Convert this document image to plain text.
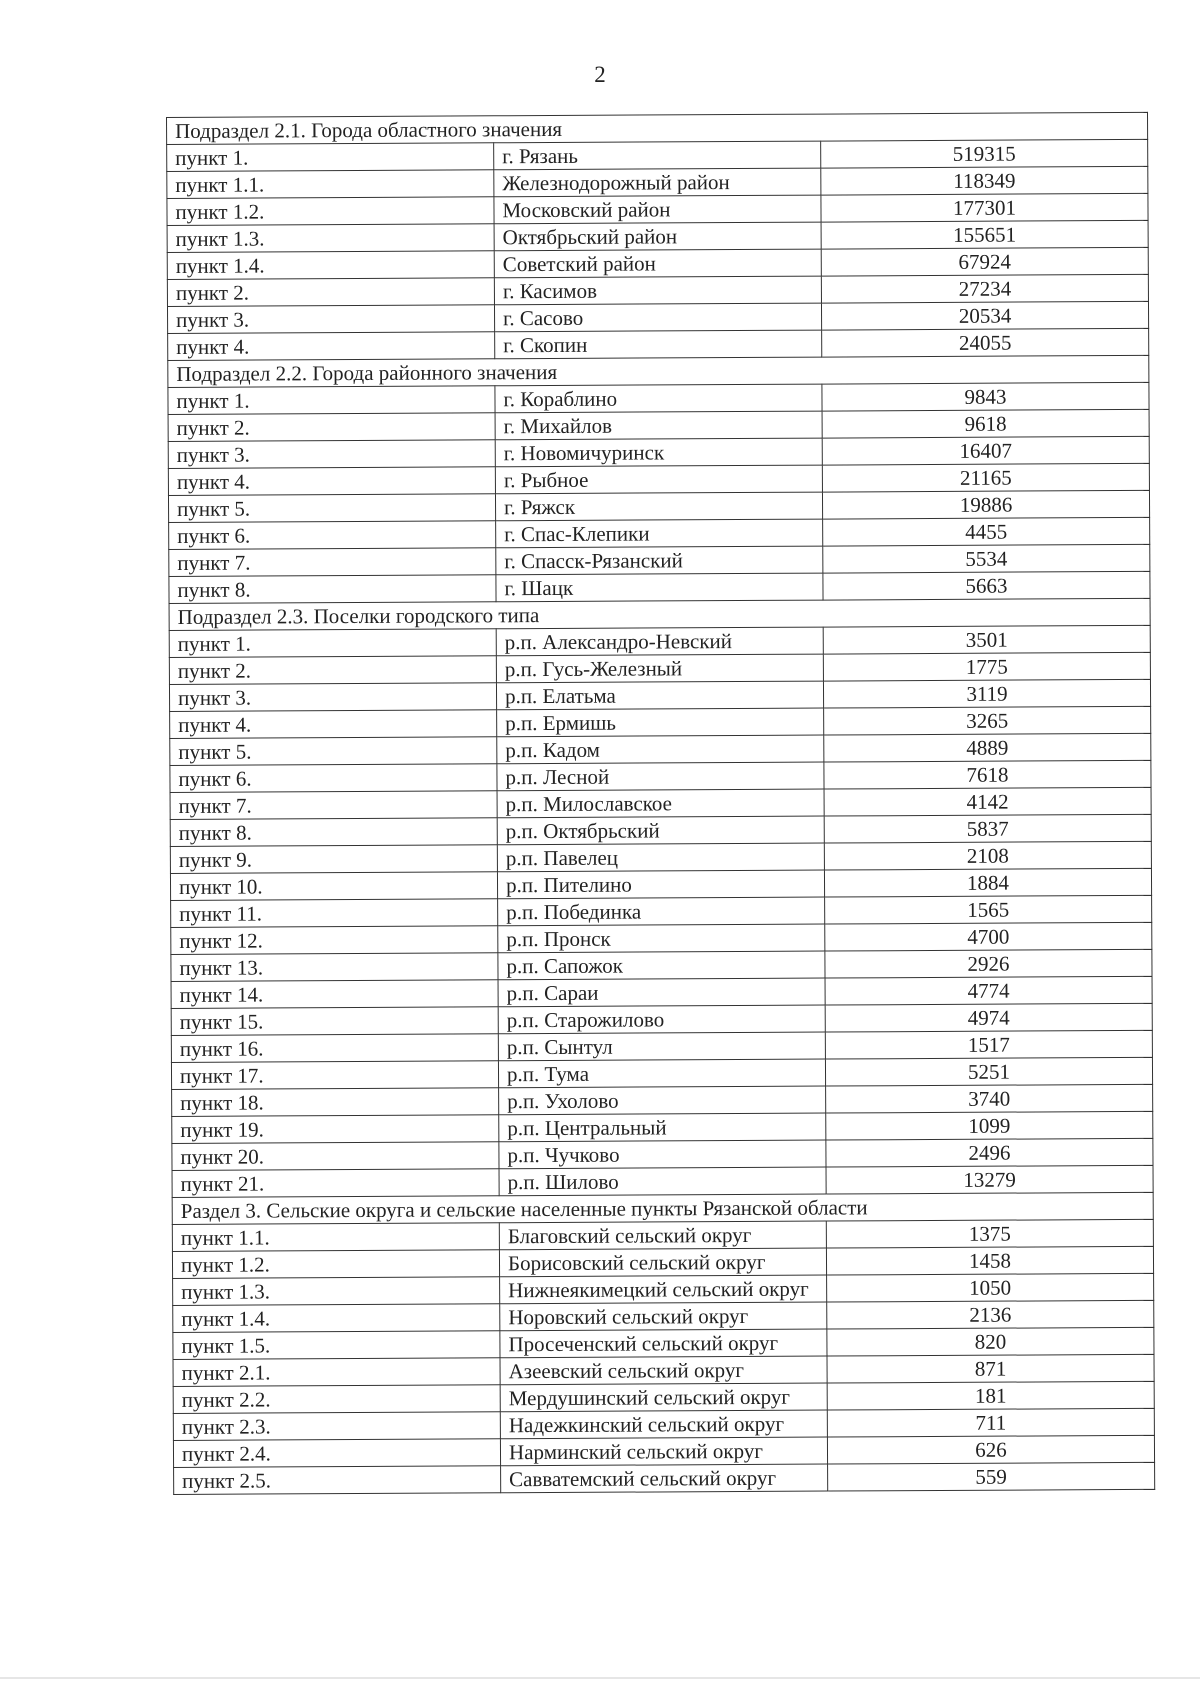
2
Подраздел 2.1. Города областного значения		
пункт 1.	г. Рязань	519315
пункт 1.1.	Железнодорожный район	118349
пункт 1.2.	Московский район	177301
пункт 1.3.	Октябрьский район	155651
пункт 1.4.	Советский район	67924
пункт 2.	г. Касимов	27234
пункт 3.	г. Сасово	20534
пункт 4.	г. Скопин	24055
Подраздел 2.2. Города районного значения		
пункт 1.	г. Кораблино	9843
пункт 2.	г. Михайлов	9618
пункт 3.	г. Новомичуринск	16407
пункт 4.	г. Рыбное	21165
пункт 5.	г. Ряжск	19886
пункт 6.	г. Спас-Клепики	4455
пункт 7.	г. Спасск-Рязанский	5534
пункт 8.	г. Шацк	5663
Подраздел 2.3. Поселки городского типа		
пункт 1.	р.п. Александро-Невский	3501
пункт 2.	р.п. Гусь-Железный	1775
пункт 3.	р.п. Елатьма	3119
пункт 4.	р.п. Ермишь	3265
пункт 5.	р.п. Кадом	4889
пункт 6.	р.п. Лесной	7618
пункт 7.	р.п. Милославское	4142
пункт 8.	р.п. Октябрьский	5837
пункт 9.	р.п. Павелец	2108
пункт 10.	р.п. Пителино	1884
пункт 11.	р.п. Побединка	1565
пункт 12.	р.п. Пронск	4700
пункт 13.	р.п. Сапожок	2926
пункт 14.	р.п. Сараи	4774
пункт 15.	р.п. Старожилово	4974
пункт 16.	р.п. Сынтул	1517
пункт 17.	р.п. Тума	5251
пункт 18.	р.п. Ухолово	3740
пункт 19.	р.п. Центральный	1099
пункт 20.	р.п. Чучково	2496
пункт 21.	р.п. Шилово	13279
Раздел 3. Сельские округа и сельские населенные пункты Рязанской области		
пункт 1.1.	Благовский сельский округ	1375
пункт 1.2.	Борисовский сельский округ	1458
пункт 1.3.	Нижнеякимецкий сельский округ	1050
пункт 1.4.	Норовский сельский округ	2136
пункт 1.5.	Просеченский сельский округ	820
пункт 2.1.	Азеевский сельский округ	871
пункт 2.2.	Мердушинский сельский округ	181
пункт 2.3.	Надежкинский сельский округ	711
пункт 2.4.	Нарминский сельский округ	626
пункт 2.5.	Савватемский сельский округ	559
